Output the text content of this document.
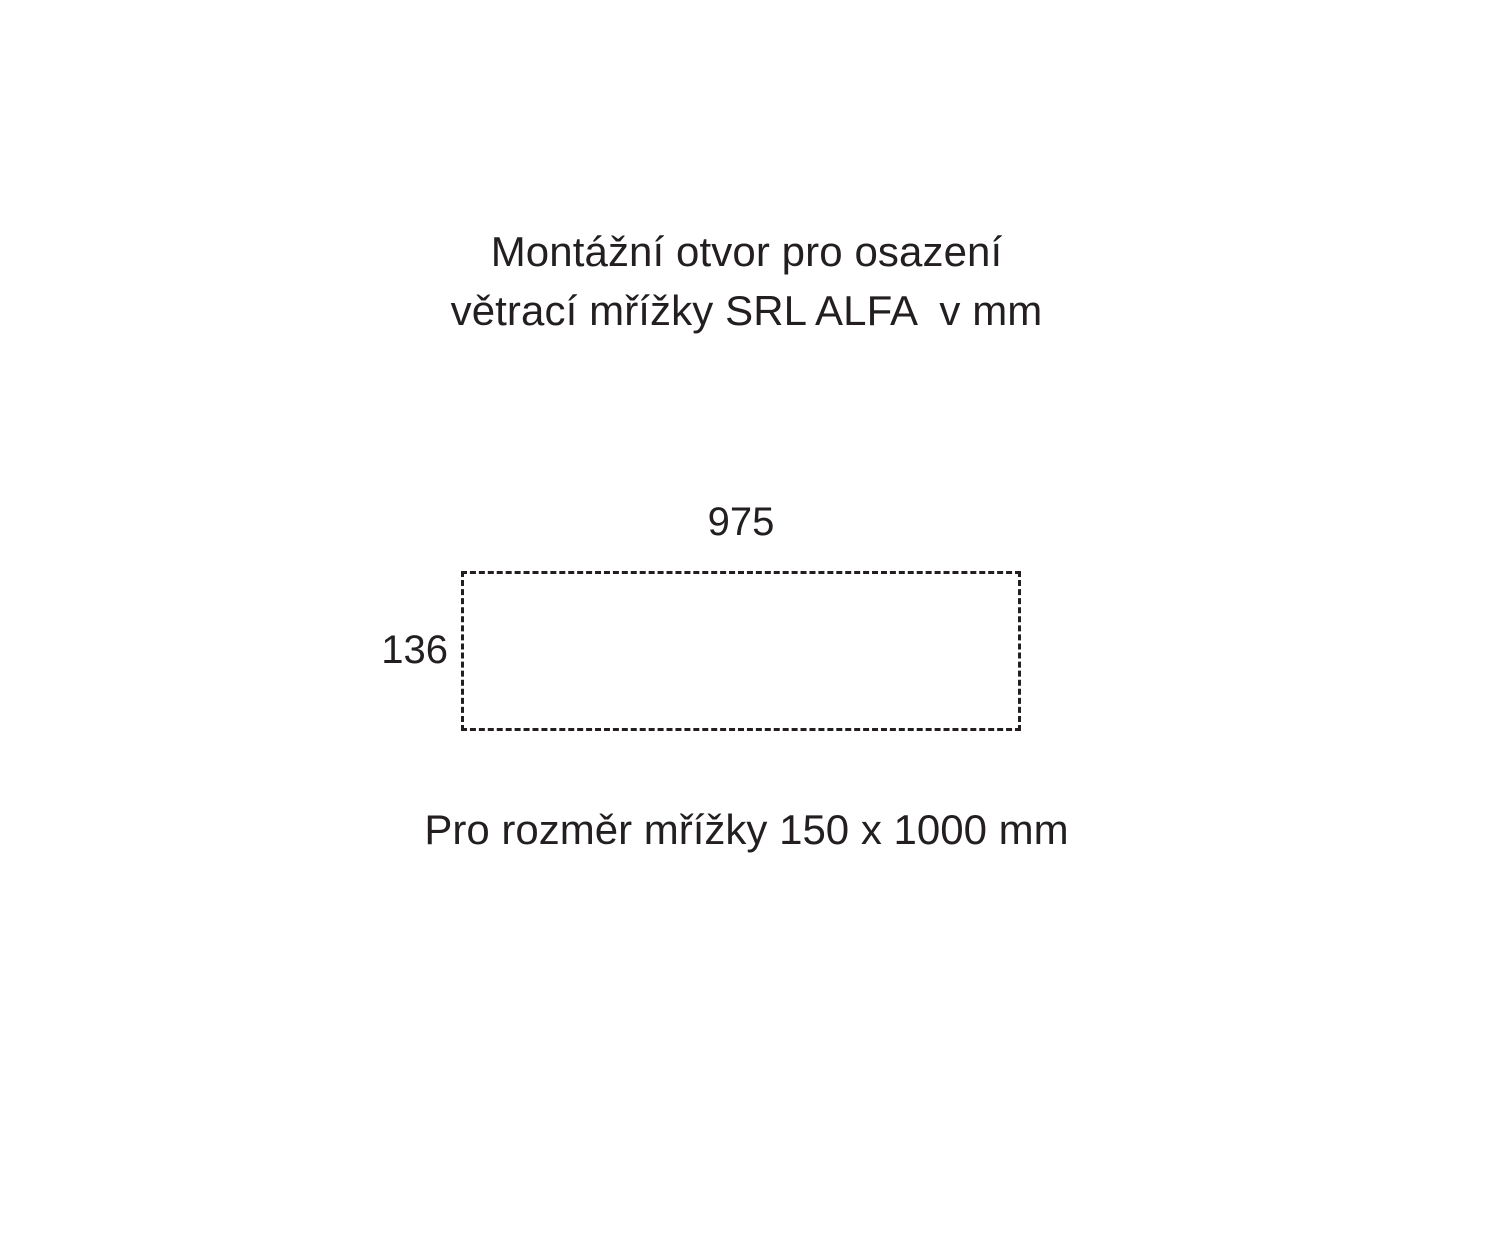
Montážní otvor pro osazení
větrací mřížky SRL ALFA  v mm
975
136
Pro rozměr mřížky 150 x 1000 mm
